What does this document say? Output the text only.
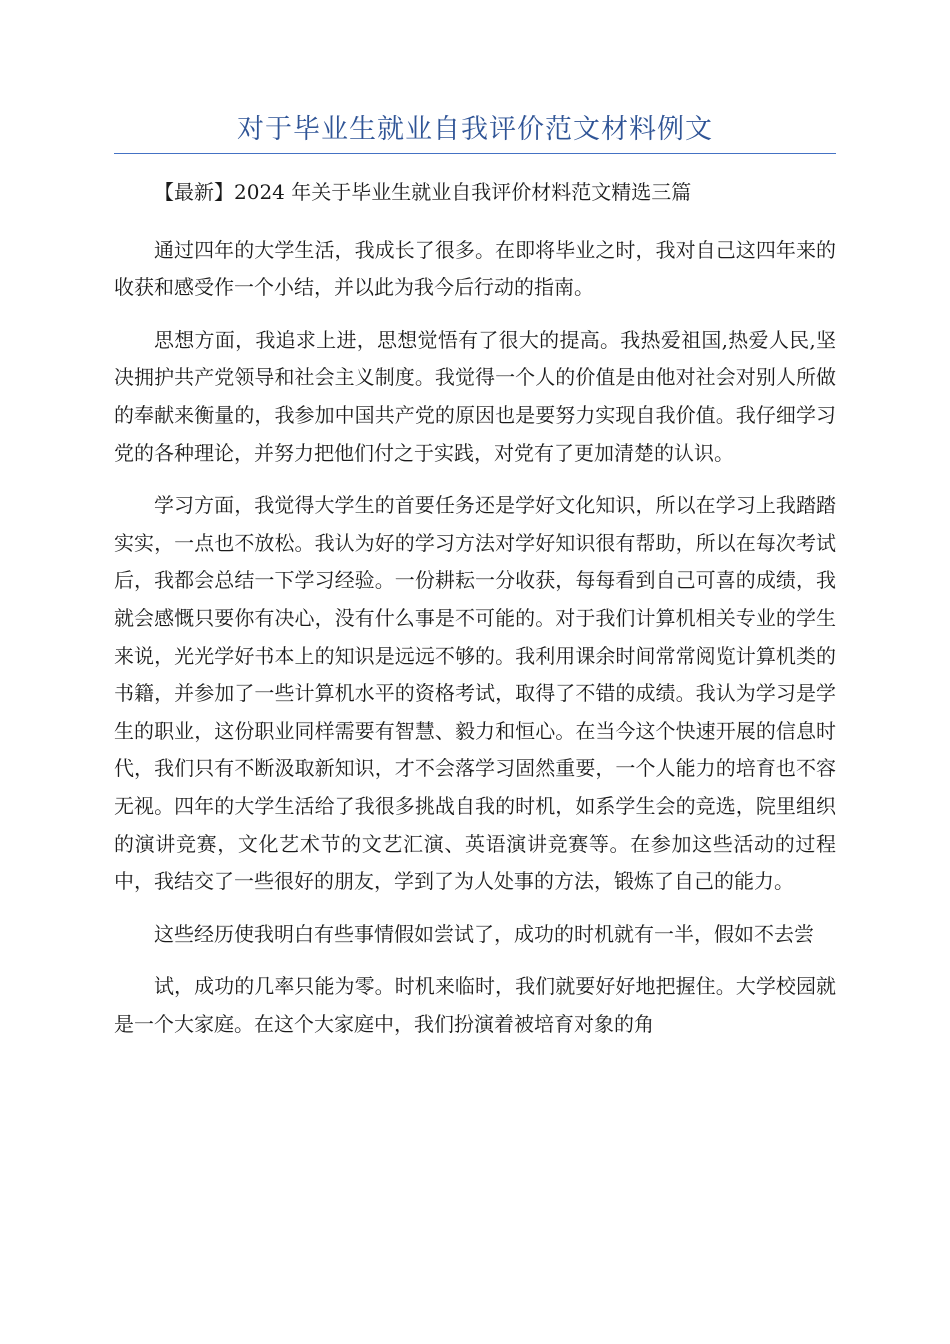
对于毕业生就业自我评价范文材料例文

【最新】2024 年关于毕业生就业自我评价材料范文精选三篇

通过四年的大学生活，我成长了很多。在即将毕业之时，我对自己这四年来的收获和感受作一个小结，并以此为我今后行动的指南。

思想方面，我追求上进，思想觉悟有了很大的提高。我热爱祖国,热爱人民,坚决拥护共产党领导和社会主义制度。我觉得一个人的价值是由他对社会对别人所做的奉献来衡量的，我参加中国共产党的原因也是要努力实现自我价值。我仔细学习党的各种理论，并努力把他们付之于实践，对党有了更加清楚的认识。

学习方面，我觉得大学生的首要任务还是学好文化知识，所以在学习上我踏踏实实，一点也不放松。我认为好的学习方法对学好知识很有帮助，所以在每次考试后，我都会总结一下学习经验。一份耕耘一分收获，每每看到自己可喜的成绩，我就会感慨只要你有决心，没有什么事是不可能的。对于我们计算机相关专业的学生来说，光光学好书本上的知识是远远不够的。我利用课余时间常常阅览计算机类的书籍，并参加了一些计算机水平的资格考试，取得了不错的成绩。我认为学习是学生的职业，这份职业同样需要有智慧、毅力和恒心。在当今这个快速开展的信息时代，我们只有不断汲取新知识，才不会落学习固然重要，一个人能力的培育也不容无视。四年的大学生活给了我很多挑战自我的时机，如系学生会的竞选，院里组织的演讲竞赛，文化艺术节的文艺汇演、英语演讲竞赛等。在参加这些活动的过程中，我结交了一些很好的朋友，学到了为人处事的方法，锻炼了自己的能力。

这些经历使我明白有些事情假如尝试了，成功的时机就有一半，假如不去尝

试，成功的几率只能为零。时机来临时，我们就要好好地把握住。大学校园就是一个大家庭。在这个大家庭中，我们扮演着被培育对象的角
